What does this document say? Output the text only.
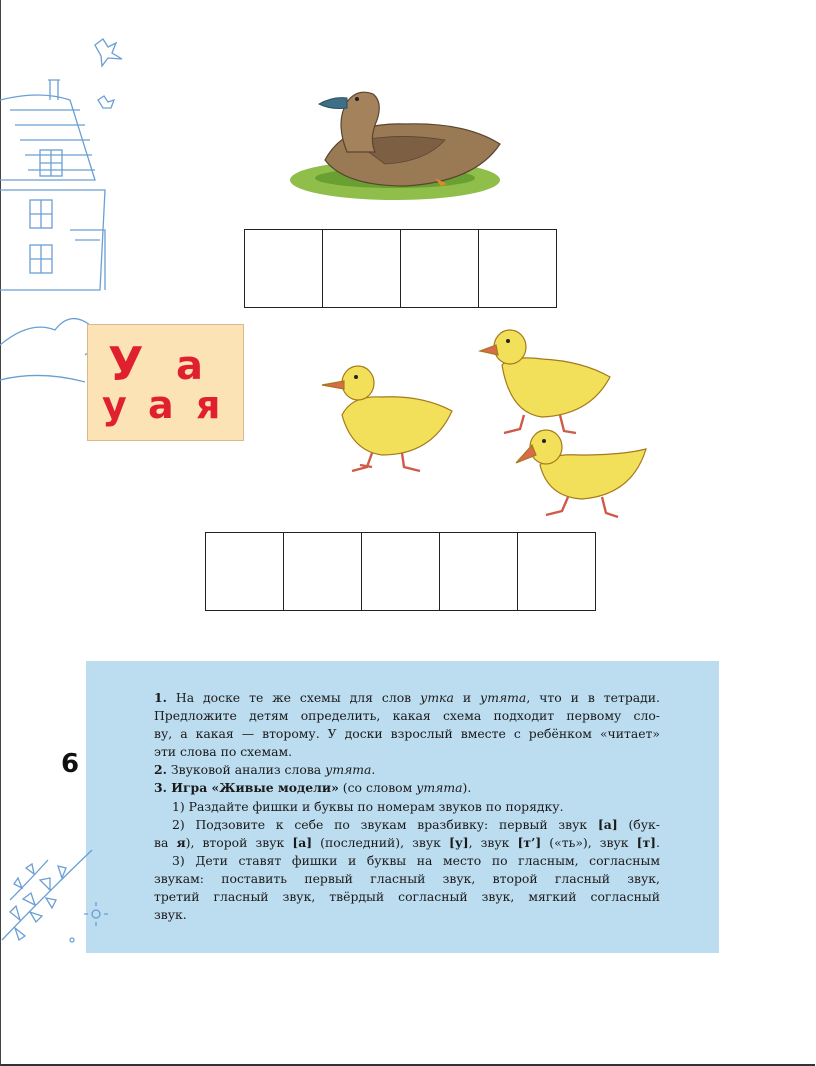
У а
у а я
6
1. На доске те же схемы для слов утка и утята, что и в тетради.
Предложите детям определить, какая схема подходит первому сло-
ву, а какая — второму. У доски взрослый вместе с ребёнком «читает»
эти слова по схемам.
2. Звуковой анализ слова утята.
3. Игра «Живые модели» (со словом утята).
1) Раздайте фишки и буквы по номерам звуков по порядку.
2) Подзовите к себе по звукам вразбивку: первый звук [а] (бук-
ва я), второй звук [а] (последний), звук [у], звук [т’] («ть»), звук [т].
3) Дети ставят фишки и буквы на место по гласным, согласным
звукам: поставить первый гласный звук, второй гласный звук,
третий гласный звук, твёрдый согласный звук, мягкий согласный
звук.
